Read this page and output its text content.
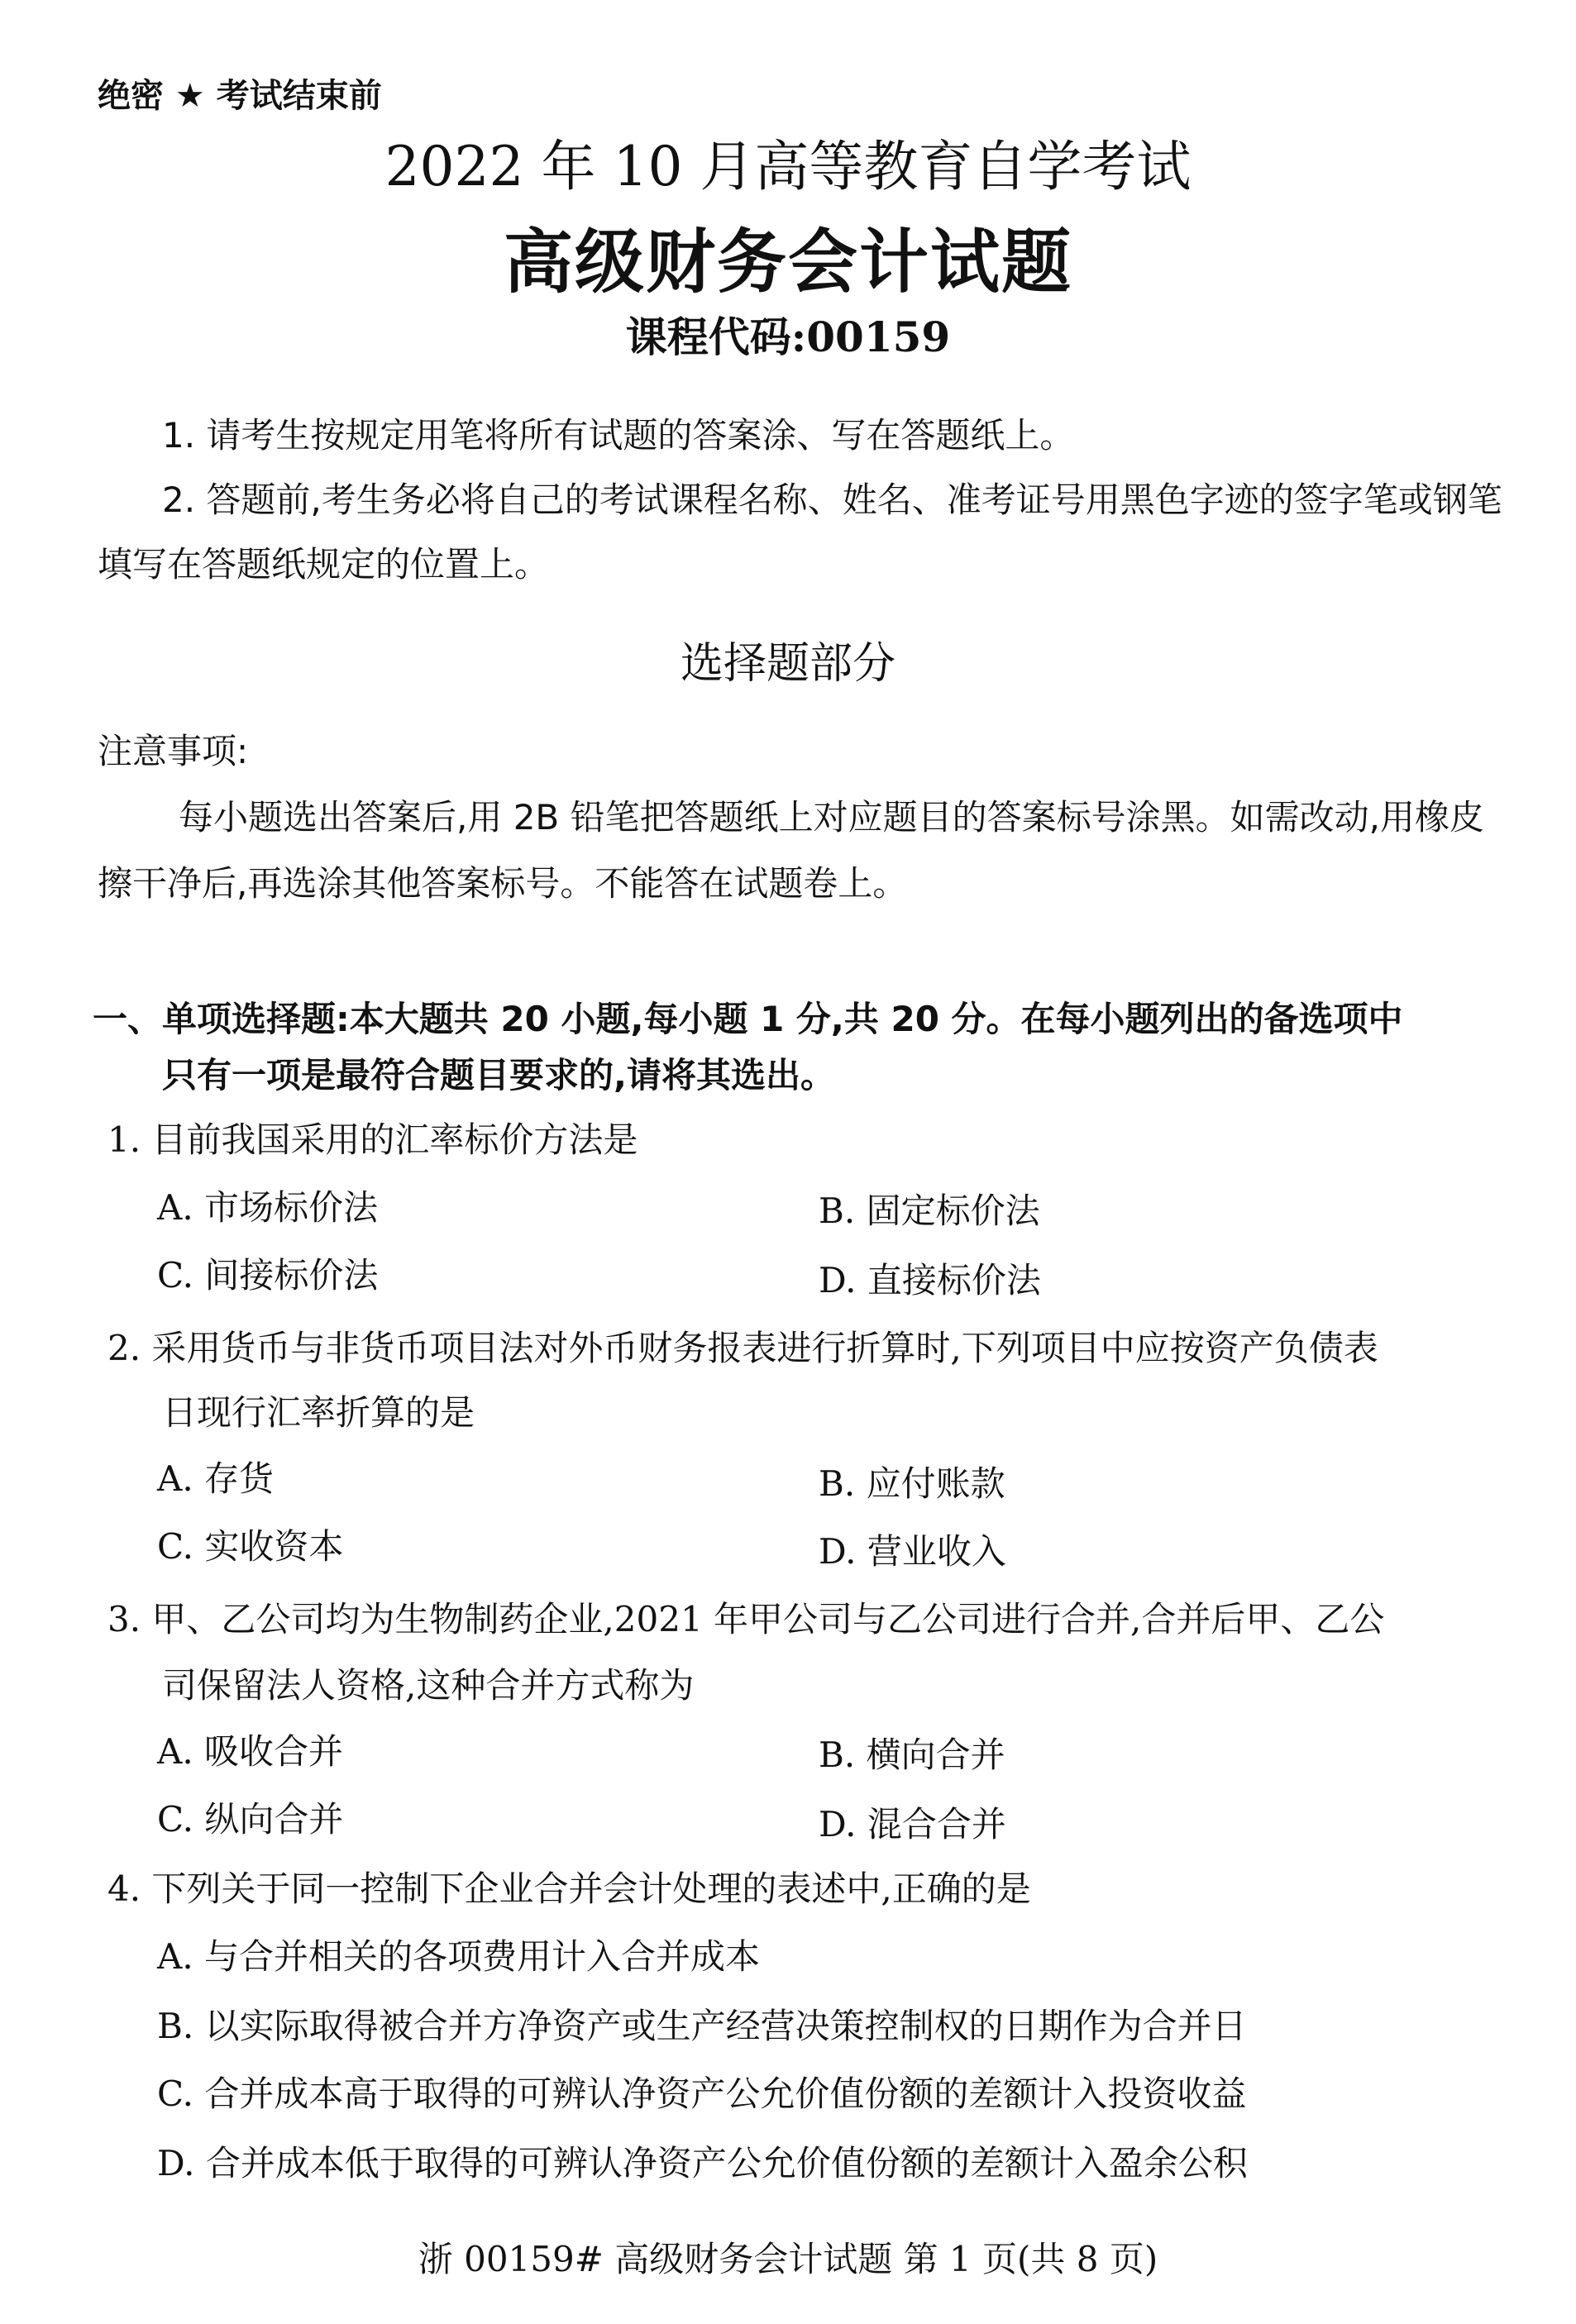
绝密 ★ 考试结束前
2022 年 10 月高等教育自学考试
高级财务会计试题
课程代码:00159
1. 请考生按规定用笔将所有试题的答案涂、写在答题纸上。
2. 答题前,考生务必将自己的考试课程名称、姓名、准考证号用黑色字迹的签字笔或钢笔
填写在答题纸规定的位置上。
选择题部分
注意事项:
每小题选出答案后,用 2B 铅笔把答题纸上对应题目的答案标号涂黑。如需改动,用橡皮
擦干净后,再选涂其他答案标号。不能答在试题卷上。
一、单项选择题:本大题共 20 小题,每小题 1 分,共 20 分。在每小题列出的备选项中
只有一项是最符合题目要求的,请将其选出。
1. 目前我国采用的汇率标价方法是
A. 市场标价法	B. 固定标价法
C. 间接标价法	D. 直接标价法
2. 采用货币与非货币项目法对外币财务报表进行折算时,下列项目中应按资产负债表
日现行汇率折算的是
A. 存货	B. 应付账款
C. 实收资本	D. 营业收入
3. 甲、乙公司均为生物制药企业,2021 年甲公司与乙公司进行合并,合并后甲、乙公
司保留法人资格,这种合并方式称为
A. 吸收合并	B. 横向合并
C. 纵向合并	D. 混合合并
4. 下列关于同一控制下企业合并会计处理的表述中,正确的是
A. 与合并相关的各项费用计入合并成本
B. 以实际取得被合并方净资产或生产经营决策控制权的日期作为合并日
C. 合并成本高于取得的可辨认净资产公允价值份额的差额计入投资收益
D. 合并成本低于取得的可辨认净资产公允价值份额的差额计入盈余公积
浙 00159# 高级财务会计试题 第 1 页(共 8 页)
